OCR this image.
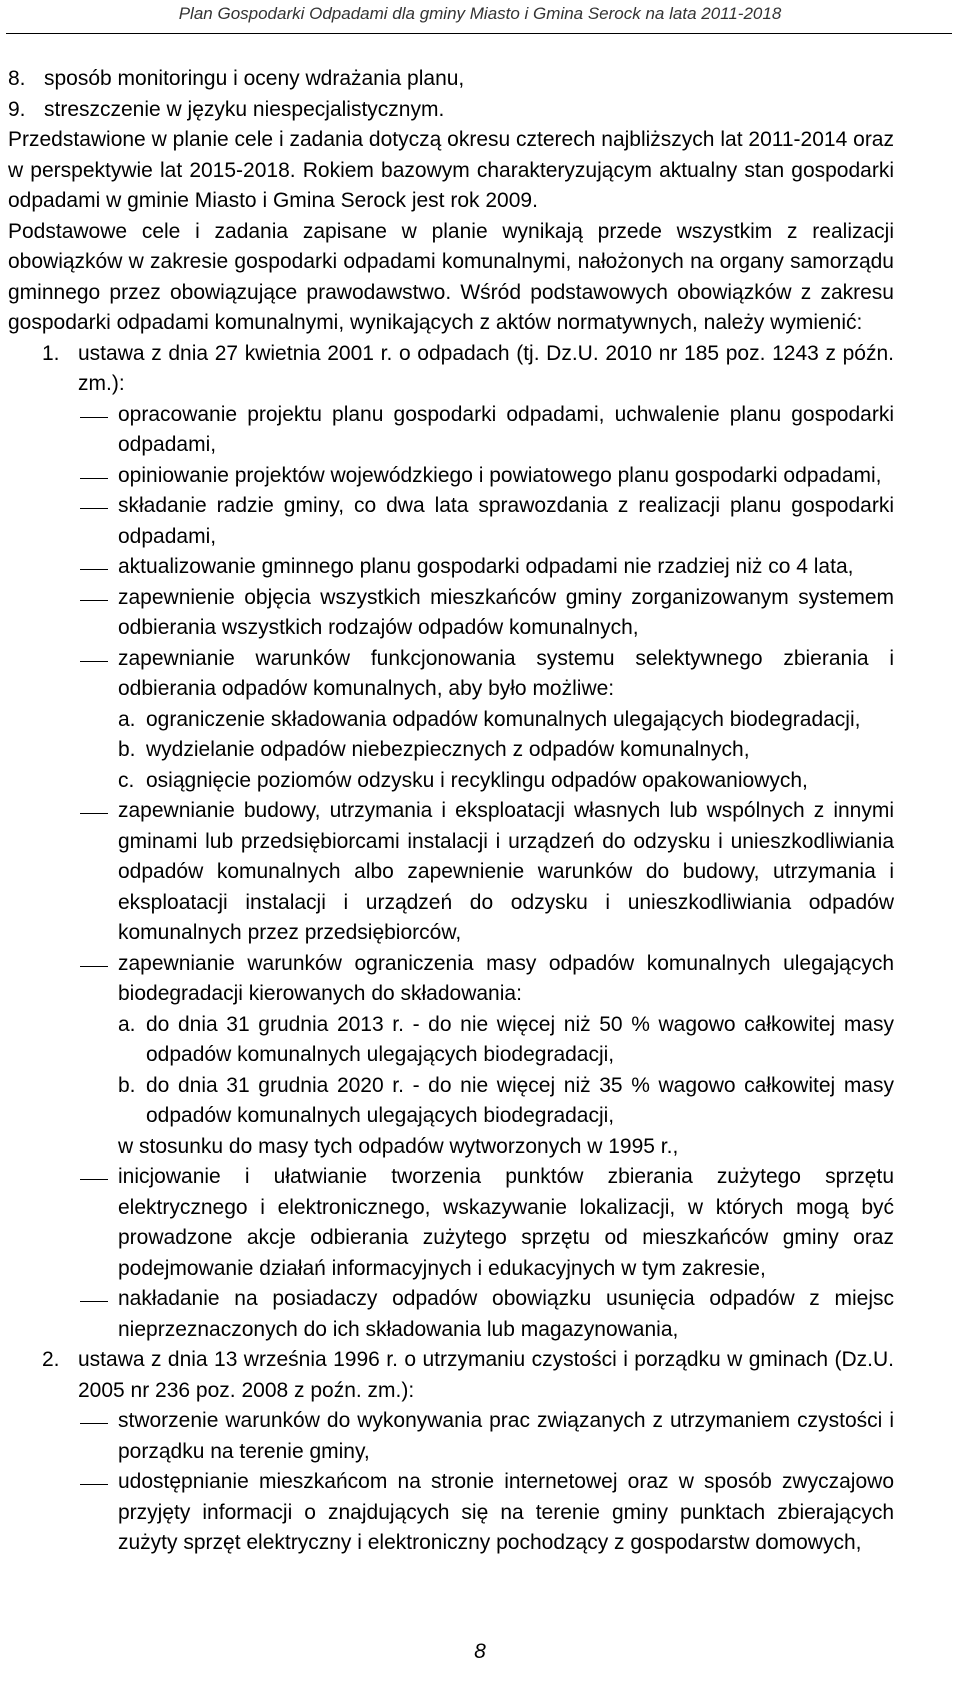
Plan Gospodarki Odpadami dla gminy Miasto i Gmina Serock na lata 2011-2018
8. sposób monitoringu i oceny wdrażania planu,
9. streszczenie w języku niespecjalistycznym.
Przedstawione w planie cele i zadania dotyczą okresu czterech najbliższych lat 2011-2014 oraz w perspektywie lat 2015-2018. Rokiem bazowym charakteryzującym aktualny stan gospodarki odpadami w gminie Miasto i Gmina Serock jest rok 2009.
Podstawowe cele i zadania zapisane w planie wynikają przede wszystkim z realizacji obowiązków w zakresie gospodarki odpadami komunalnymi, nałożonych na organy samorządu gminnego przez obowiązujące prawodawstwo. Wśród podstawowych obowiązków z zakresu gospodarki odpadami komunalnymi, wynikających z aktów normatywnych, należy wymienić:
1. ustawa z dnia 27 kwietnia 2001 r. o odpadach (tj. Dz.U. 2010 nr 185 poz. 1243 z późn. zm.):
opracowanie projektu planu gospodarki odpadami, uchwalenie planu gospodarki odpadami,
opiniowanie projektów wojewódzkiego i powiatowego planu gospodarki odpadami,
składanie radzie gminy, co dwa lata sprawozdania z realizacji planu gospodarki odpadami,
aktualizowanie gminnego planu gospodarki odpadami nie rzadziej niż co 4 lata,
zapewnienie objęcia wszystkich mieszkańców gminy zorganizowanym systemem odbierania wszystkich rodzajów odpadów komunalnych,
zapewnianie warunków funkcjonowania systemu selektywnego zbierania i odbierania odpadów komunalnych, aby było możliwe:
a. ograniczenie składowania odpadów komunalnych ulegających biodegradacji,
b. wydzielanie odpadów niebezpiecznych z odpadów komunalnych,
c. osiągnięcie poziomów odzysku i recyklingu odpadów opakowaniowych,
zapewnianie budowy, utrzymania i eksploatacji własnych lub wspólnych z innymi gminami lub przedsiębiorcami instalacji i urządzeń do odzysku i unieszkodliwiania odpadów komunalnych albo zapewnienie warunków do budowy, utrzymania i eksploatacji instalacji i urządzeń do odzysku i unieszkodliwiania odpadów komunalnych przez przedsiębiorców,
zapewnianie warunków ograniczenia masy odpadów komunalnych ulegających biodegradacji kierowanych do składowania:
a. do dnia 31 grudnia 2013 r. - do nie więcej niż 50 % wagowo całkowitej masy odpadów komunalnych ulegających biodegradacji,
b. do dnia 31 grudnia 2020 r. - do nie więcej niż 35 % wagowo całkowitej masy odpadów komunalnych ulegających biodegradacji,
w stosunku do masy tych odpadów wytworzonych w 1995 r.,
inicjowanie i ułatwianie tworzenia punktów zbierania zużytego sprzętu elektrycznego i elektronicznego, wskazywanie lokalizacji, w których mogą być prowadzone akcje odbierania zużytego sprzętu od mieszkańców gminy oraz podejmowanie działań informacyjnych i edukacyjnych w tym zakresie,
nakładanie na posiadaczy odpadów obowiązku usunięcia odpadów z miejsc nieprzeznaczonych do ich składowania lub magazynowania,
2. ustawa z dnia 13 września 1996 r. o utrzymaniu czystości i porządku w gminach (Dz.U. 2005 nr 236 poz. 2008 z poźn. zm.):
stworzenie warunków do wykonywania prac związanych z utrzymaniem czystości i porządku na terenie gminy,
udostępnianie mieszkańcom na stronie internetowej oraz w sposób zwyczajowo przyjęty informacji o znajdujących się na terenie gminy punktach zbierających zużyty sprzęt elektryczny i elektroniczny pochodzący z gospodarstw domowych,
8
